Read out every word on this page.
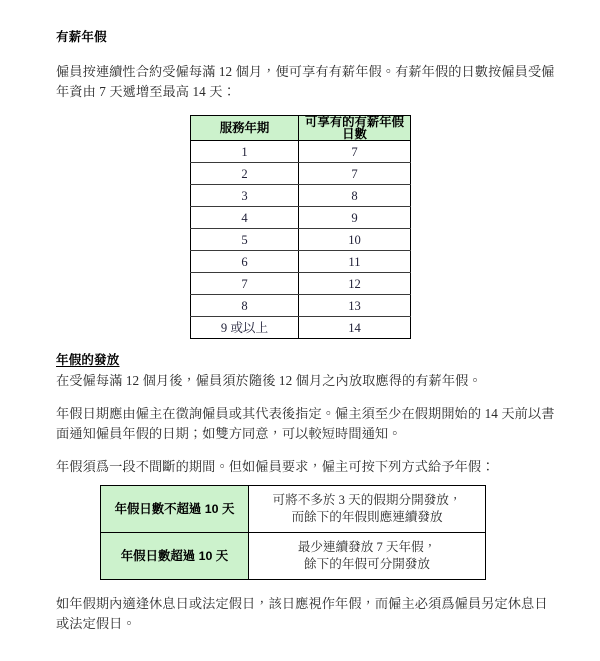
有薪年假

僱員按連續性合約受僱每滿 12 個月，便可享有有薪年假。有薪年假的日數按僱員受僱年資由 7 天遞增至最高 14 天：

服務年期	可享有的有薪年假日數
1	7
2	7
3	8
4	9
5	10
6	11
7	12
8	13
9 或以上	14
年假的發放

在受僱每滿 12 個月後，僱員須於隨後 12 個月之內放取應得的有薪年假。

年假日期應由僱主在徵詢僱員或其代表後指定。僱主須至少在假期開始的 14 天前以書面通知僱員年假的日期；如雙方同意，可以較短時間通知。

年假須爲一段不間斷的期間。但如僱員要求，僱主可按下列方式給予年假：

年假日數不超過 10 天	可將不多於 3 天的假期分開發放，
而餘下的年假則應連續發放

年假日數超過 10 天	最少連續發放 7 天年假，
餘下的年假可分開發放

如年假期內適逢休息日或法定假日，該日應視作年假，而僱主必須爲僱員另定休息日或法定假日。
